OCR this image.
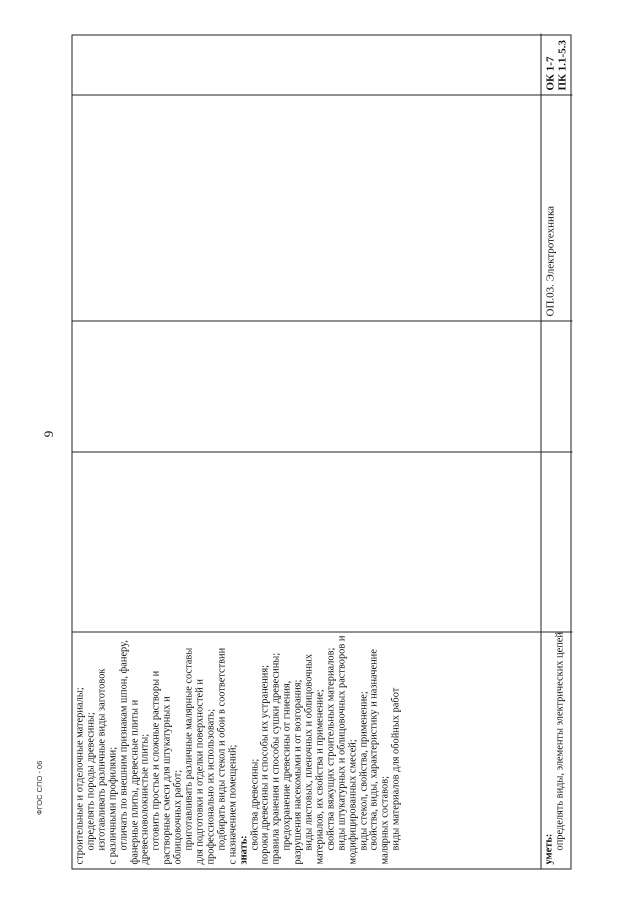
9
ФГОС СПО - 06	строительные и отделочные материалы; определять породы древесины; изготавливать различные виды заготовок с различными профилями; отличать по внешним признакам шпон, фанеру, фанерные плиты, древесные плиты и древесноволокнистые плиты; готовить простые и сложные растворы и растворные смеси для штукатурных и облицовочных работ; приготавливать различные малярные составы для подготовки и отделки поверхностей и профессионально их использовать; подбирать виды стекол и обои в соответствии с назначением помещений; знать: свойства древесины; пороки древесины и способы их устранения; правила хранения и способы сушки древесины; предохранение древесины от гниения, разрушения насекомыми и от возгорания; виды листовых, пленочных и облицовочных материалов, их свойства и применение; свойства вяжущих строительных материалов; виды штукатурных и облицовочных растворов и модифицированных смесей; виды стекол, свойства, применение; свойства, виды, характеристику и назначение малярных составов; виды материалов для обойных работ	уметь: определять виды, элементы электрических цепей
ОП.03. Электротехника
ОК 1-7 ПК 1.1-5.3
